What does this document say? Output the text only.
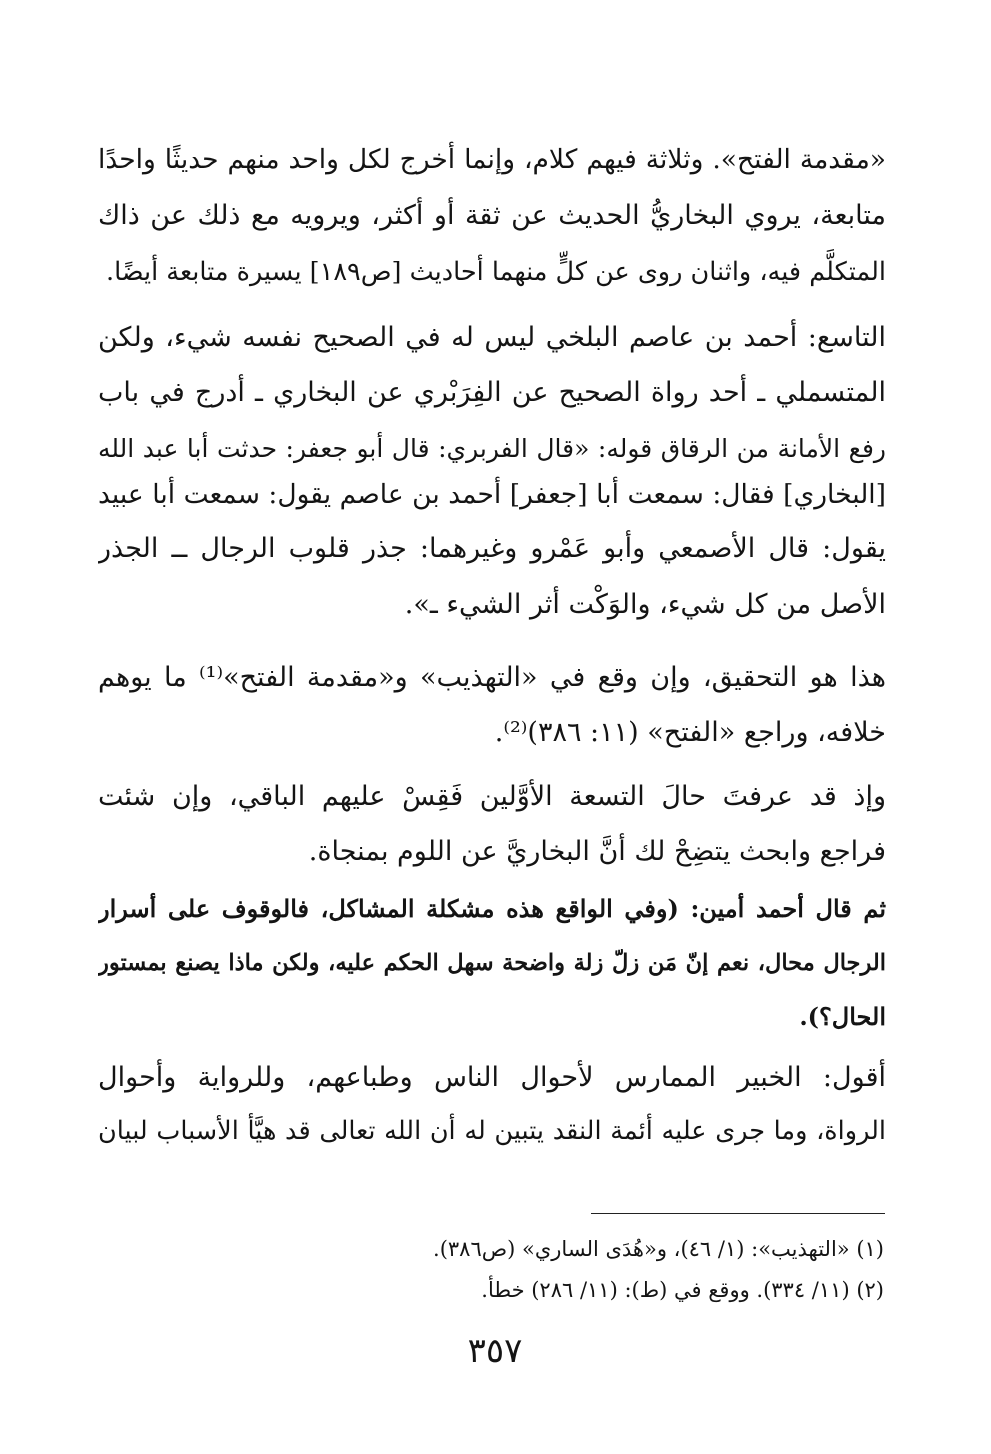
«مقدمة الفتح». وثلاثة فيهم كلام، وإنما أخرج لكل واحد منهم حديثًا واحدًا
متابعة، يروي البخاريُّ الحديث عن ثقة أو أكثر، ويرويه مع ذلك عن ذاك
المتكلَّم فيه، واثنان روى عن كلٍّ منهما أحاديث [ص١٨٩] يسيرة متابعة أيضًا.
التاسع: أحمد بن عاصم البلخي ليس له في الصحيح نفسه شيء، ولكن
المتسملي ـ أحد رواة الصحيح عن الفِرَبْري عن البخاري ـ أدرج في باب
رفع الأمانة من الرقاق قوله: «قال الفربري: قال أبو جعفر: حدثت أبا عبد الله
[البخاري] فقال: سمعت أبا [جعفر] أحمد بن عاصم يقول: سمعت أبا عبيد
يقول: قال الأصمعي وأبو عَمْرو وغيرهما: جذر قلوب الرجال ــ الجذر
الأصل من كل شيء، والوَكْت أثر الشيء ـ».
هذا هو التحقيق، وإن وقع في «التهذيب» و«مقدمة الفتح»⁽¹⁾ ما يوهم
خلافه، وراجع «الفتح» (١١: ٣٨٦)⁽²⁾.
وإذ قد عرفتَ حالَ التسعة الأوَّلين فَقِسْ عليهم الباقي، وإن شئت
فراجع وابحث يتضِحْ لك أنَّ البخاريَّ عن اللوم بمنجاة.
ثم قال أحمد أمين: (وفي الواقع هذه مشكلة المشاكل، فالوقوف على أسرار
الرجال محال، نعم إنّ مَن زلّ زلة واضحة سهل الحكم عليه، ولكن ماذا يصنع بمستور
الحال؟).
أقول: الخبير الممارس لأحوال الناس وطباعهم، وللرواية وأحوال
الرواة، وما جرى عليه أئمة النقد يتبين له أن الله تعالى قد هيَّأ الأسباب لبيان
(١) «التهذيب»: (١/ ٤٦)، و«هُدَى الساري» (ص٣٨٦).
(٢) (١١/ ٣٣٤). ووقع في (ط): (١١/ ٢٨٦) خطأ.
٣٥٧
